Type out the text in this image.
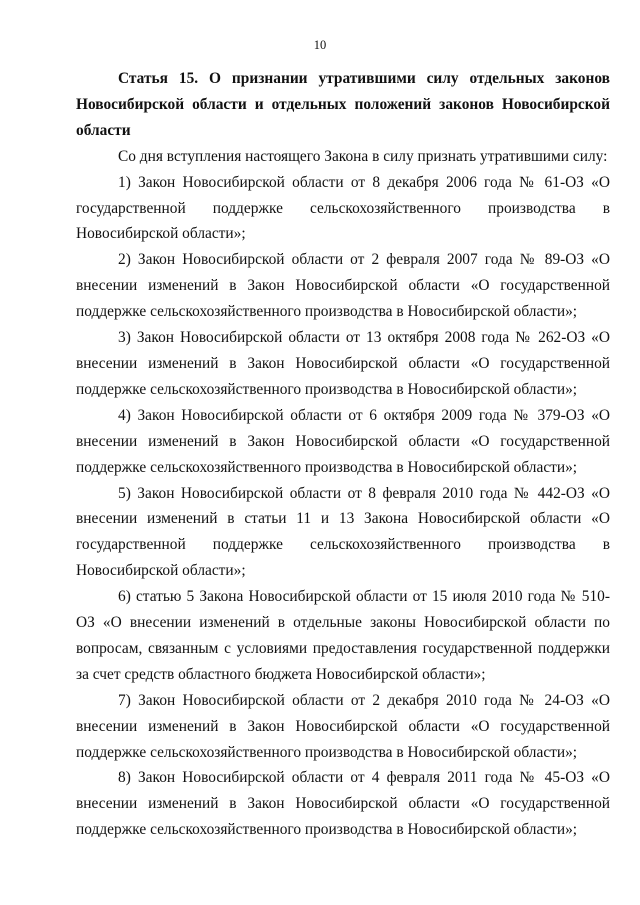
10

Статья 15. О признании утратившими силу отдельных законов Новосибирской области и отдельных положений законов Новосибирской области

Со дня вступления настоящего Закона в силу признать утратившими силу:

1) Закон Новосибирской области от 8 декабря 2006 года № 61-ОЗ «О государственной поддержке сельскохозяйственного производства в Новосибирской области»;

2) Закон Новосибирской области от 2 февраля 2007 года № 89-ОЗ «О внесении изменений в Закон Новосибирской области «О государственной поддержке сельскохозяйственного производства в Новосибирской области»;

3) Закон Новосибирской области от 13 октября 2008 года № 262-ОЗ «О внесении изменений в Закон Новосибирской области «О государственной поддержке сельскохозяйственного производства в Новосибирской области»;

4) Закон Новосибирской области от 6 октября 2009 года № 379-ОЗ «О внесении изменений в Закон Новосибирской области «О государственной поддержке сельскохозяйственного производства в Новосибирской области»;

5) Закон Новосибирской области от 8 февраля 2010 года № 442-ОЗ «О внесении изменений в статьи 11 и 13 Закона Новосибирской области «О государственной поддержке сельскохозяйственного производства в Новосибирской области»;

6) статью 5 Закона Новосибирской области от 15 июля 2010 года № 510-ОЗ «О внесении изменений в отдельные законы Новосибирской области по вопросам, связанным с условиями предоставления государственной поддержки за счет средств областного бюджета Новосибирской области»;

7) Закон Новосибирской области от 2 декабря 2010 года № 24-ОЗ «О внесении изменений в Закон Новосибирской области «О государственной поддержке сельскохозяйственного производства в Новосибирской области»;

8) Закон Новосибирской области от 4 февраля 2011 года № 45-ОЗ «О внесении изменений в Закон Новосибирской области «О государственной поддержке сельскохозяйственного производства в Новосибирской области»;
